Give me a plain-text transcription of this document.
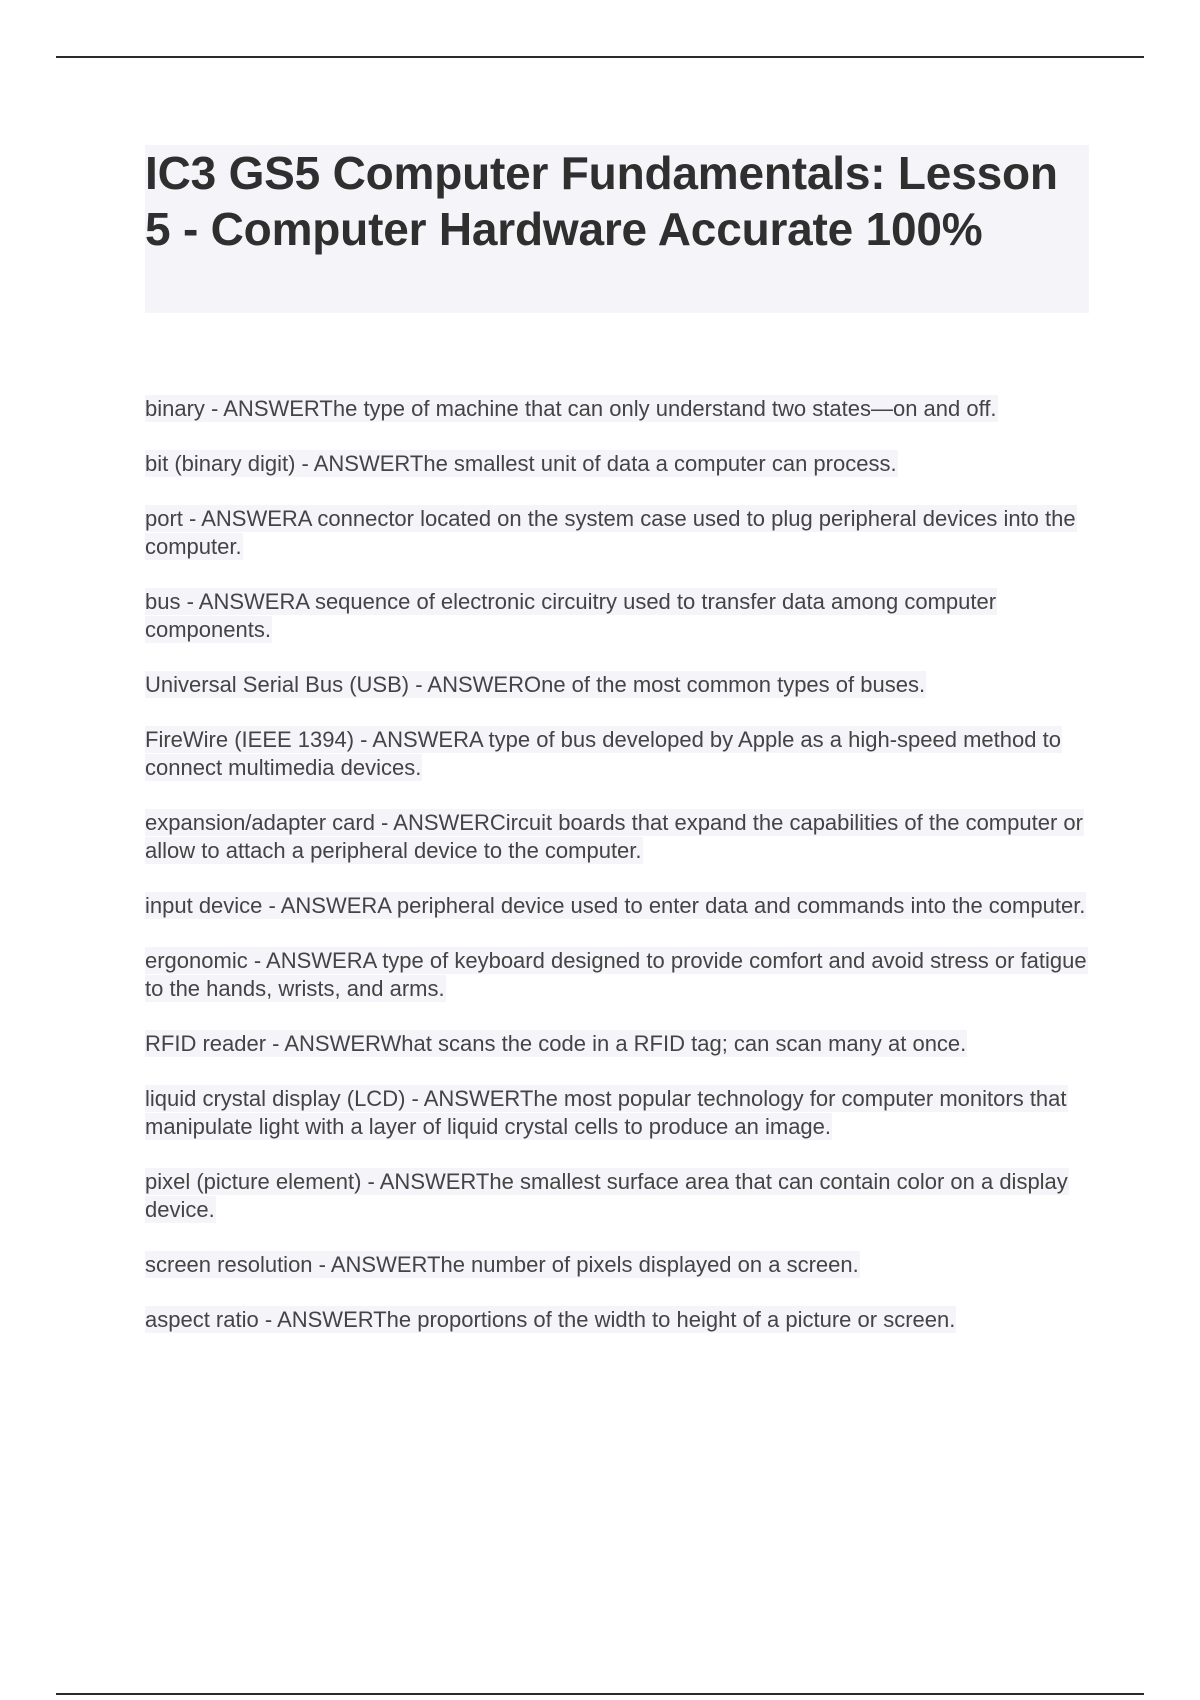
IC3 GS5 Computer Fundamentals: Lesson 5 - Computer Hardware Accurate 100%

binary - ANSWERThe type of machine that can only understand two states—on and off.

bit (binary digit) - ANSWERThe smallest unit of data a computer can process.

port - ANSWERA connector located on the system case used to plug peripheral devices into the computer.

bus - ANSWERA sequence of electronic circuitry used to transfer data among computer components.

Universal Serial Bus (USB) - ANSWEROne of the most common types of buses.

FireWire (IEEE 1394) - ANSWERA type of bus developed by Apple as a high-speed method to connect multimedia devices.

expansion/adapter card - ANSWERCircuit boards that expand the capabilities of the computer or allow to attach a peripheral device to the computer.

input device - ANSWERA peripheral device used to enter data and commands into the computer.

ergonomic - ANSWERA type of keyboard designed to provide comfort and avoid stress or fatigue to the hands, wrists, and arms.

RFID reader - ANSWERWhat scans the code in a RFID tag; can scan many at once.

liquid crystal display (LCD) - ANSWERThe most popular technology for computer monitors that manipulate light with a layer of liquid crystal cells to produce an image.

pixel (picture element) - ANSWERThe smallest surface area that can contain color on a display device.

screen resolution - ANSWERThe number of pixels displayed on a screen.

aspect ratio - ANSWERThe proportions of the width to height of a picture or screen.
